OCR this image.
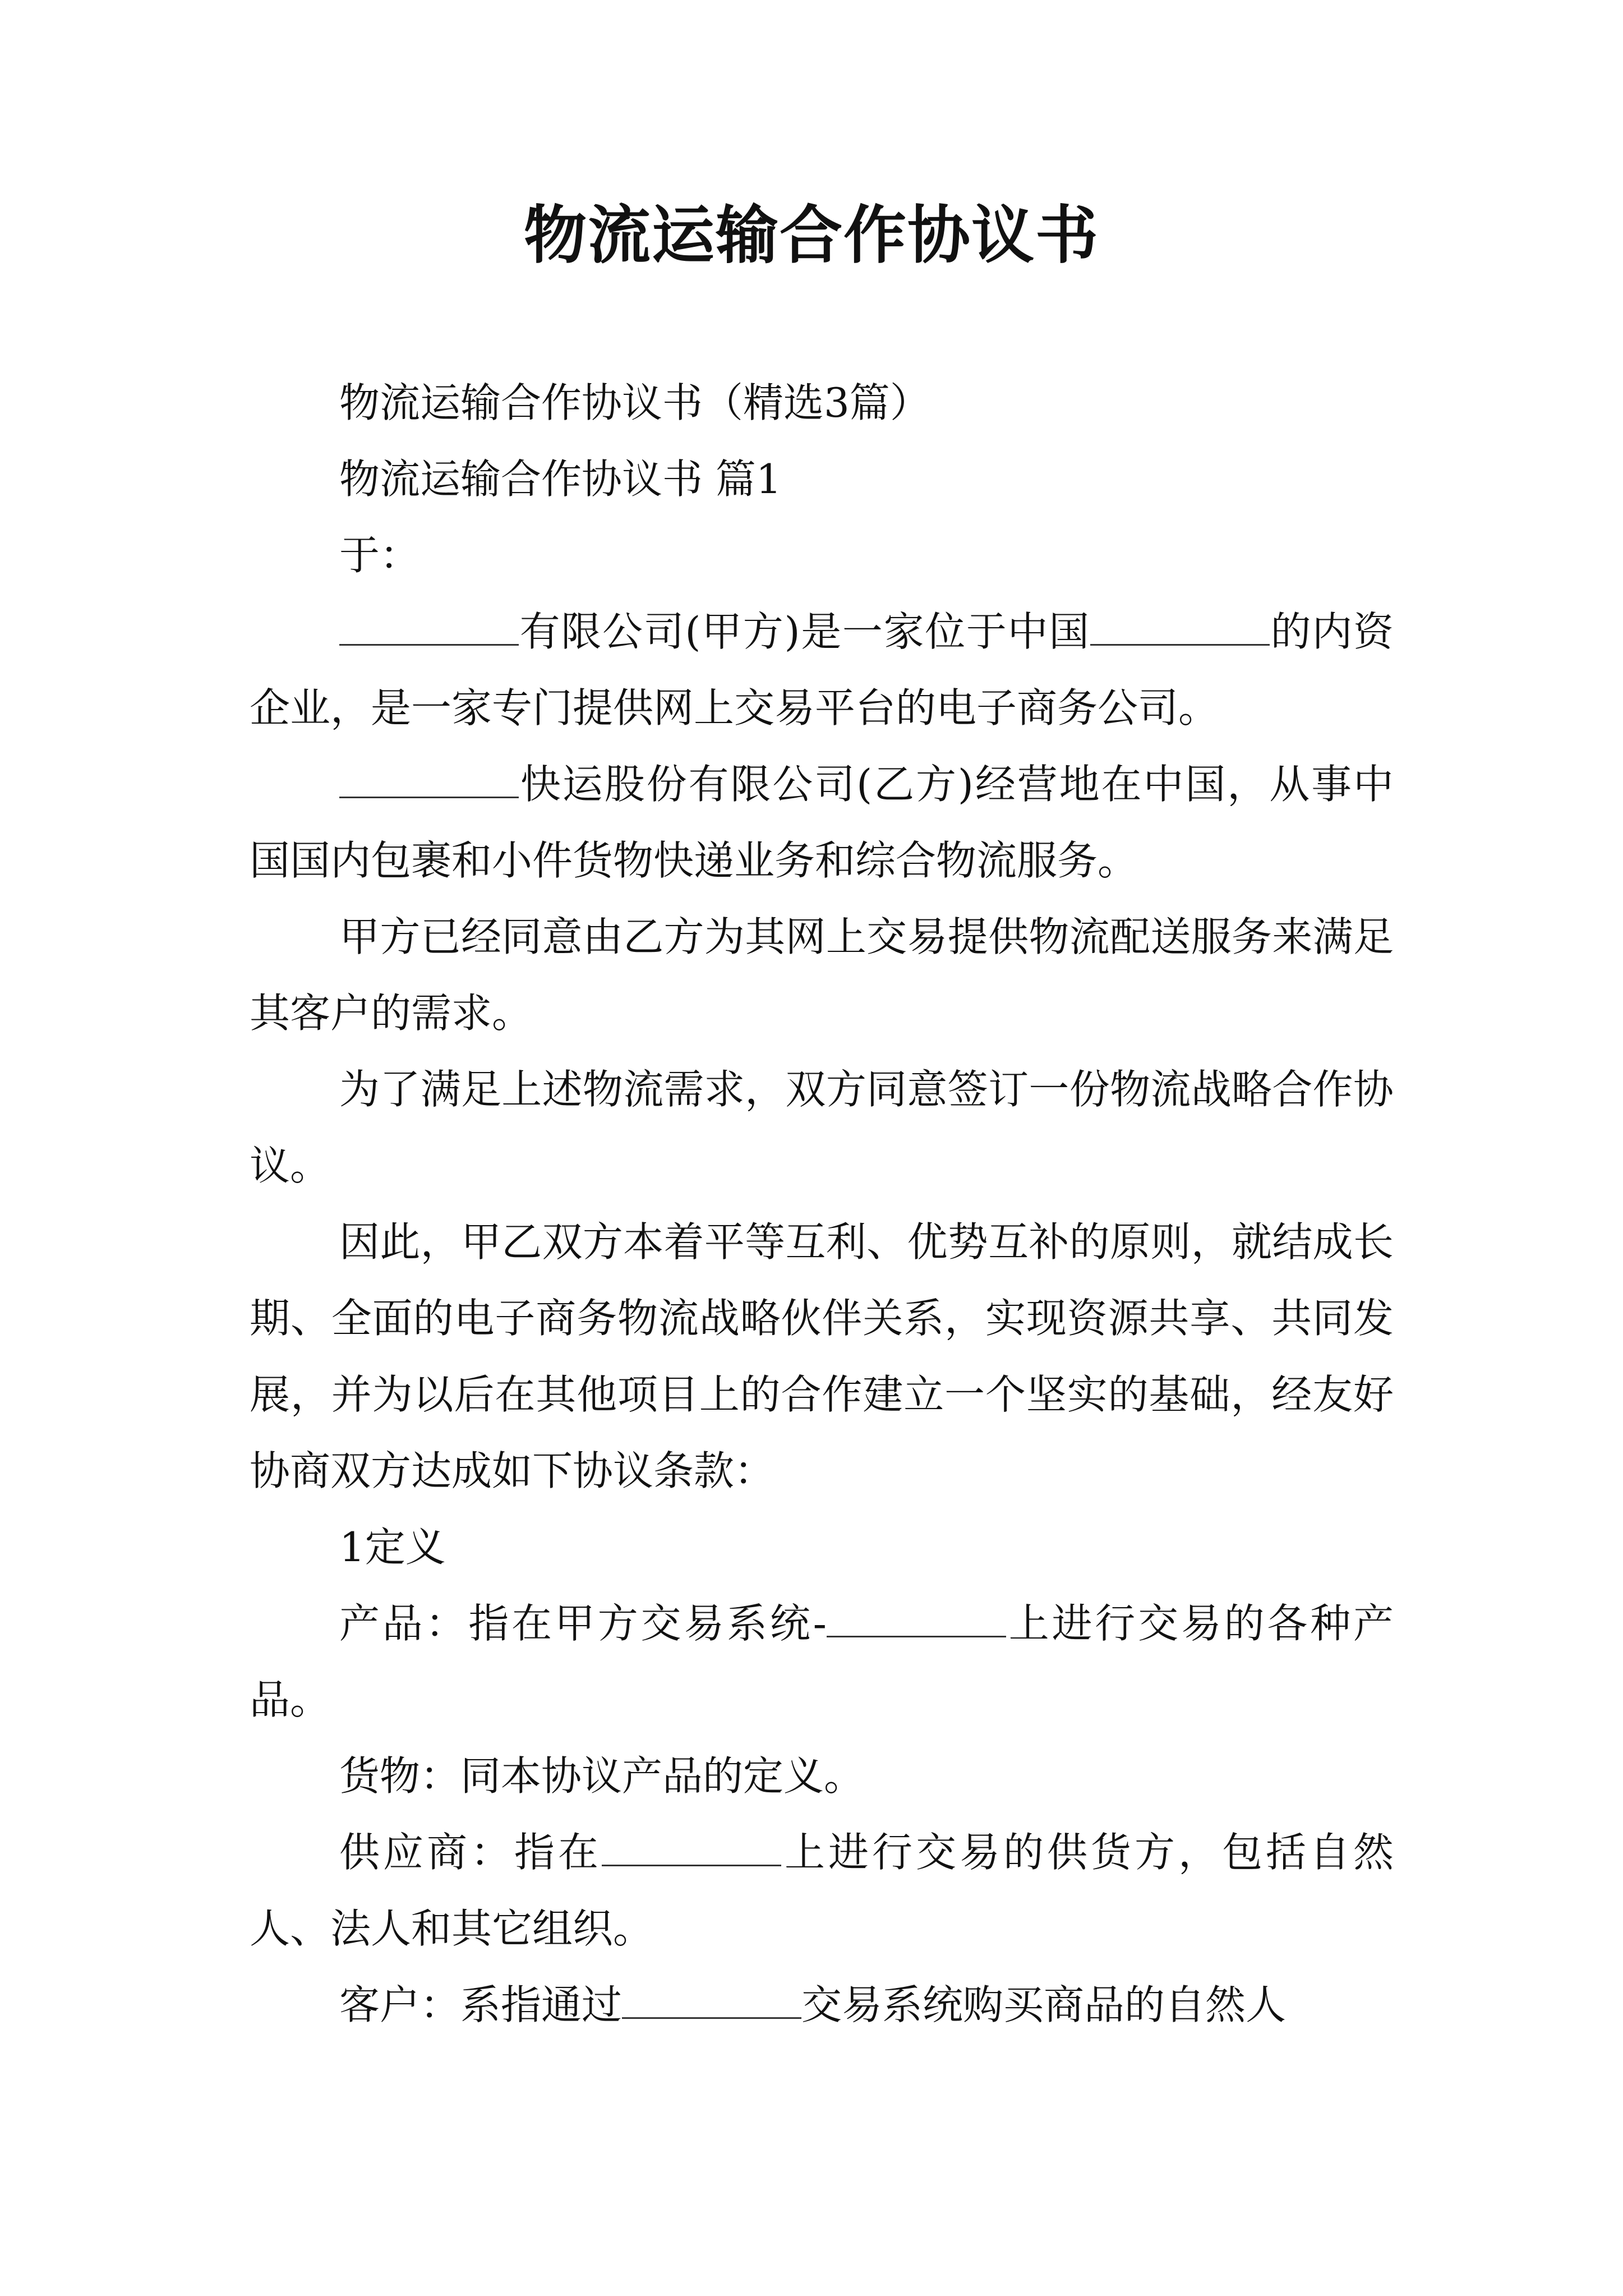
物流运输合作协议书

物流运输合作协议书（精选3篇）

物流运输合作协议书 篇1

于：

有限公司(甲方)是一家位于中国	的内资企业，是一家专门提供网上交易平台的电子商务公司。

快运股份有限公司(乙方)经营地在中国，从事中国国内包裹和小件货物快递业务和综合物流服务。

甲方已经同意由乙方为其网上交易提供物流配送服务来满足其客户的需求。

为了满足上述物流需求，双方同意签订一份物流战略合作协议。

因此，甲乙双方本着平等互利、优势互补的原则，就结成长期、全面的电子商务物流战略伙伴关系，实现资源共享、共同发展，并为以后在其他项目上的合作建立一个坚实的基础，经友好协商双方达成如下协议条款：

1定义

产品：指在甲方交易系统-	上进行交易的各种产品。

货物：同本协议产品的定义。

供应商：指在	上进行交易的供货方，包括自然人、法人和其它组织。

客户：系指通过	交易系统购买商品的自然人
